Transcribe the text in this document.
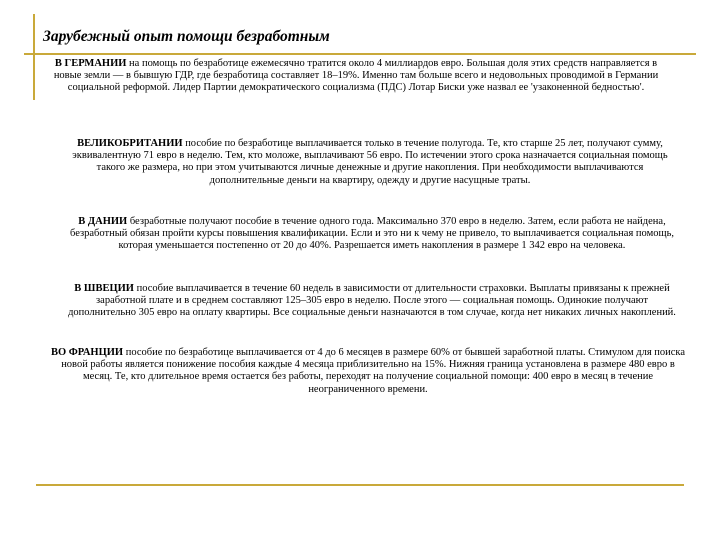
Зарубежный опыт помощи безработным

В ГЕРМАНИИ на помощь по безработице ежемесячно тратится около 4 миллиардов евро. Большая доля этих средств направляется в новые земли — в бывшую ГДР, где безработица составляет 18–19%. Именно там больше всего и недовольных проводимой в Германии социальной реформой. Лидер Партии демократического социализма (ПДС) Лотар Биски уже назвал ее 'узаконенной бедностью'.

ВЕЛИКОБРИТАНИИ пособие по безработице выплачивается только в течение полугода. Те, кто старше 25 лет, получают сумму, эквивалентную 71 евро в неделю. Тем, кто моложе, выплачивают 56 евро. По истечении этого срока назначается социальная помощь такого же размера, но при этом учитываются личные денежные и другие накопления. При необходимости выплачиваются дополнительные деньги на квартиру, одежду и другие насущные траты.

В ДАНИИ безработные получают пособие в течение одного года. Максимально 370 евро в неделю. Затем, если работа не найдена, безработный обязан пройти курсы повышения квалификации. Если и это ни к чему не привело, то выплачивается социальная помощь, которая уменьшается постепенно от 20 до 40%. Разрешается иметь накопления в размере 1 342 евро на человека.

В ШВЕЦИИ пособие выплачивается в течение 60 недель в зависимости от длительности страховки. Выплаты привязаны к прежней заработной плате и в среднем составляют 125–305 евро в неделю. После этого — социальная помощь. Одинокие получают дополнительно 305 евро на оплату квартиры. Все социальные деньги назначаются в том случае, когда нет никаких личных накоплений.

ВО ФРАНЦИИ пособие по безработице выплачивается от 4 до 6 месяцев в размере 60% от бывшей заработной платы. Стимулом для поиска новой работы является понижение пособия каждые 4 месяца приблизительно на 15%. Нижняя граница установлена в размере 480 евро в месяц. Те, кто длительное время остается без работы, переходят на получение социальной помощи: 400 евро в месяц в течение неограниченного времени.
